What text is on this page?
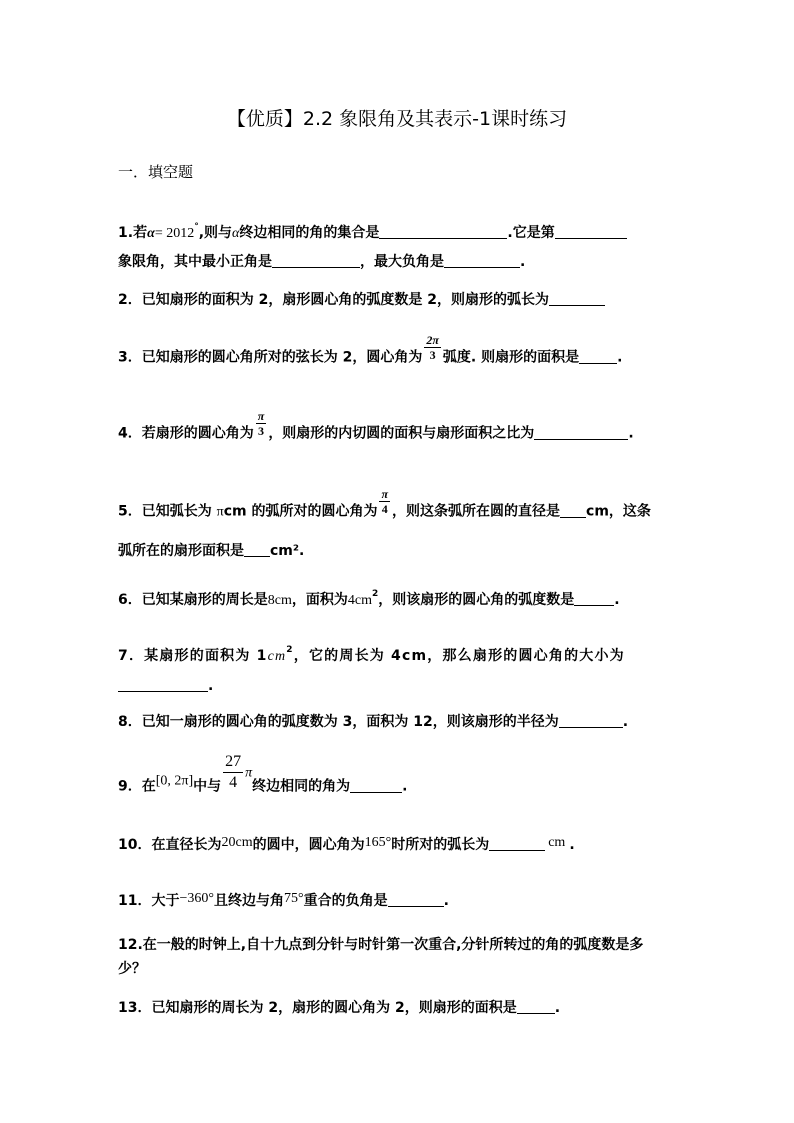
【优质】2.2 象限角及其表示-1课时练习
一．填空题
1.若α= 2012°,则与α终边相同的角的集合是	.它是第
象限角，其中最小正角是	，最大负角是	.
2．已知扇形的面积为 2，扇形圆心角的弧度数是 2，则扇形的弧长为
3．已知扇形的圆心角所对的弦长为 2，圆心角为 $\frac{2\pi}{3}$ 弧度. 则扇形的面积是	.
4．若扇形的圆心角为 $\frac{\pi}{3}$ ，则扇形的内切圆的面积与扇形面积之比为	.
5．已知弧长为 πcm 的弧所对的圆心角为 $\frac{\pi}{4}$ ，则这条弧所在圆的直径是 cm，这条
弧所在的扇形面积是 cm².
6．已知某扇形的周长是8cm，面积为$4cm^2$，则该扇形的圆心角的弧度数是	.
7．某扇形的面积为 $1cm^2$，它的周长为 4cm，那么扇形的圆心角的大小为
.
8．已知一扇形的圆心角的弧度数为 3，面积为 12，则该扇形的半径为	.
9．在[0, 2π]中与 $\frac{27}{4}$ π终边相同的角为	.
10．在直径长为20cm的圆中，圆心角为165°时所对的弧长为	cm .
11．大于−360°且终边与角75°重合的负角是	.
12.在一般的时钟上,自十九点到分针与时针第一次重合,分针所转过的角的弧度数是多
少？
13．已知扇形的周长为 2，扇形的圆心角为 2，则扇形的面积是	.
